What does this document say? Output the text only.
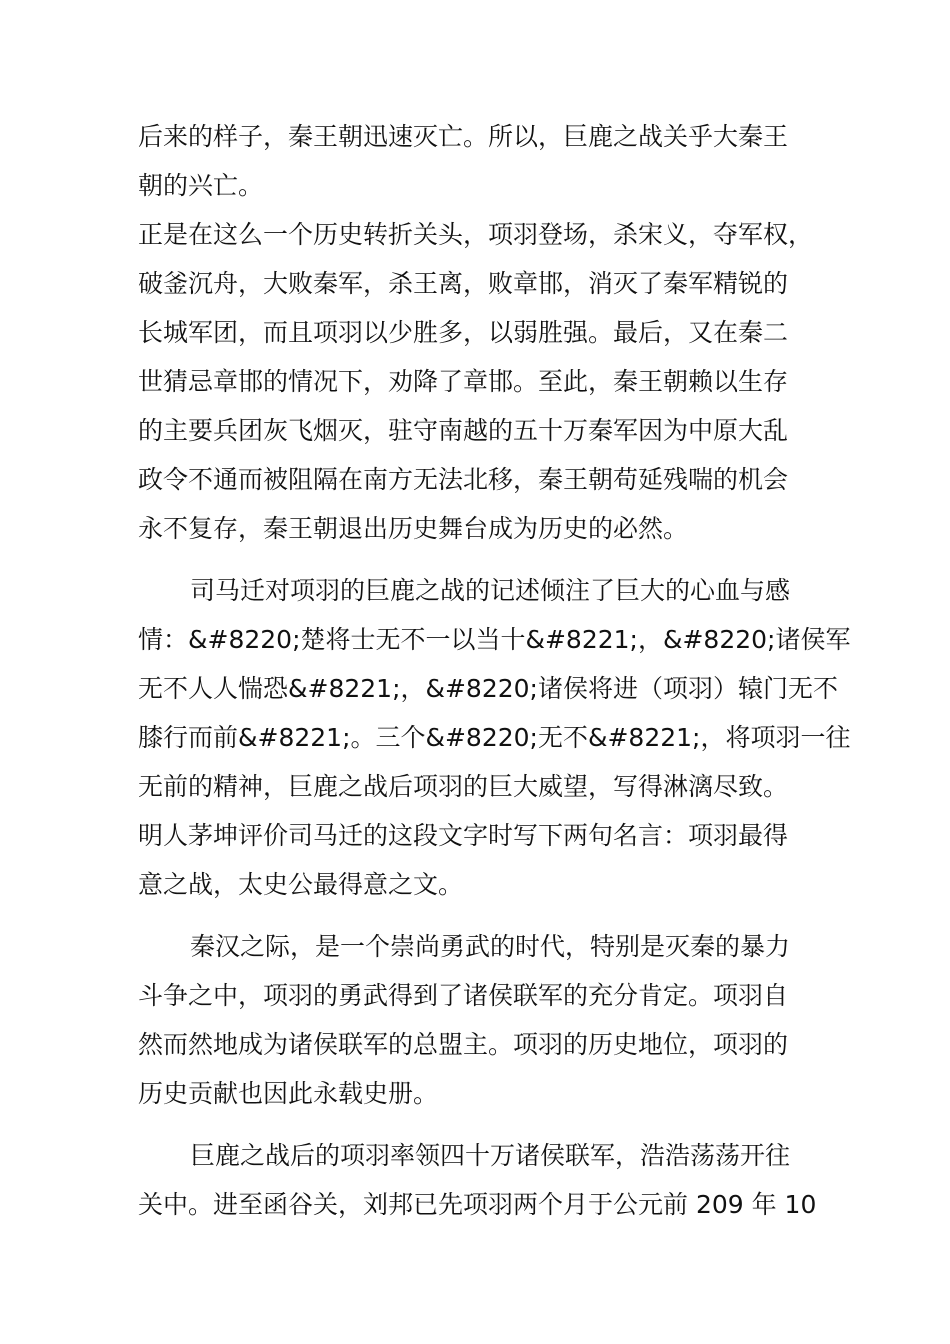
后来的样子，秦王朝迅速灭亡。所以，巨鹿之战关乎大秦王
朝的兴亡。
正是在这么一个历史转折关头，项羽登场，杀宋义，夺军权，
破釜沉舟，大败秦军，杀王离，败章邯，消灭了秦军精锐的
长城军团，而且项羽以少胜多，以弱胜强。最后，又在秦二
世猜忌章邯的情况下，劝降了章邯。至此，秦王朝赖以生存
的主要兵团灰飞烟灭，驻守南越的五十万秦军因为中原大乱
政令不通而被阻隔在南方无法北移，秦王朝苟延残喘的机会
永不复存，秦王朝退出历史舞台成为历史的必然。
司马迁对项羽的巨鹿之战的记述倾注了巨大的心血与感
情：&#8220;楚将士无不一以当十&#8221;，&#8220;诸侯军
无不人人惴恐&#8221;，&#8220;诸侯将进（项羽）辕门无不
膝行而前&#8221;。三个&#8220;无不&#8221;，将项羽一往
无前的精神，巨鹿之战后项羽的巨大威望，写得淋漓尽致。
明人茅坤评价司马迁的这段文字时写下两句名言：项羽最得
意之战，太史公最得意之文。
秦汉之际，是一个崇尚勇武的时代，特别是灭秦的暴力
斗争之中，项羽的勇武得到了诸侯联军的充分肯定。项羽自
然而然地成为诸侯联军的总盟主。项羽的历史地位，项羽的
历史贡献也因此永载史册。
巨鹿之战后的项羽率领四十万诸侯联军，浩浩荡荡开往
关中。进至函谷关，刘邦已先项羽两个月于公元前 209 年 10
